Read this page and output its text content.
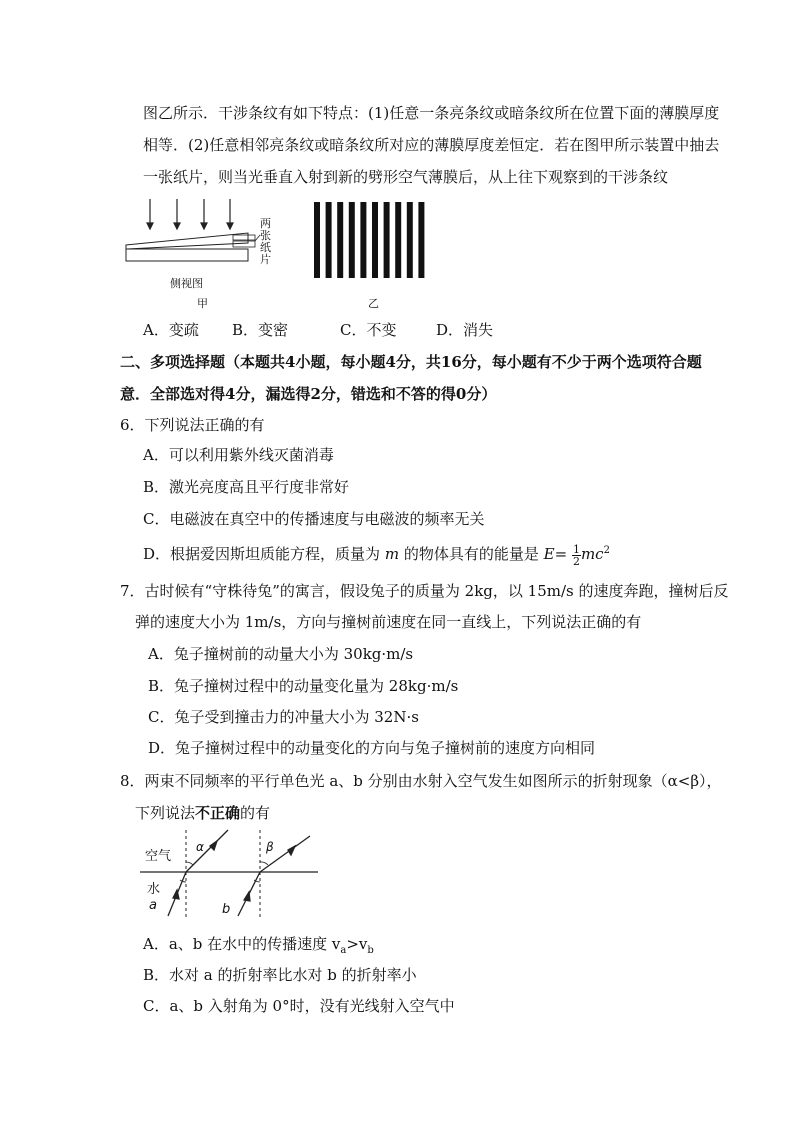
图乙所示．干涉条纹有如下特点：(1)任意一条亮条纹或暗条纹所在位置下面的薄膜厚度
相等．(2)任意相邻亮条纹或暗条纹所对应的薄膜厚度差恒定．若在图甲所示装置中抽去
一张纸片，则当光垂直入射到新的劈形空气薄膜后，从上往下观察到的干涉条纹
两
张
纸
片
侧视图
甲	乙
A．变疏 B．变密	C．不变	D．消失
二、多项选择题（本题共4小题，每小题4分，共16分，每小题有不少于两个选项符合题
意．全部选对得4分，漏选得2分，错选和不答的得0分）
6．下列说法正确的有
A．可以利用紫外线灭菌消毒
B．激光亮度高且平行度非常好
C．电磁波在真空中的传播速度与电磁波的频率无关
D．根据爱因斯坦质能方程，质量为 m 的物体具有的能量是 $E= \frac{1}{2} mc^2$
7．古时候有“守株待兔”的寓言，假设兔子的质量为 2kg，以 15m/s 的速度奔跑，撞树后反
弹的速度大小为 1m/s，方向与撞树前速度在同一直线上，下列说法正确的有
A．兔子撞树前的动量大小为 30kg·m/s
B．兔子撞树过程中的动量变化量为 28kg·m/s
C．兔子受到撞击力的冲量大小为 32N·s
D．兔子撞树过程中的动量变化的方向与兔子撞树前的速度方向相同
8．两束不同频率的平行单色光 a、b 分别由水射入空气发生如图所示的折射现象（α<β），
下列说法不正确的有
空气
水
a	b
α	β
A．a、b 在水中的传播速度 $v_a>v_b$
B．水对 a 的折射率比水对 b 的折射率小
C．a、b 入射角为 0°时，没有光线射入空气中
